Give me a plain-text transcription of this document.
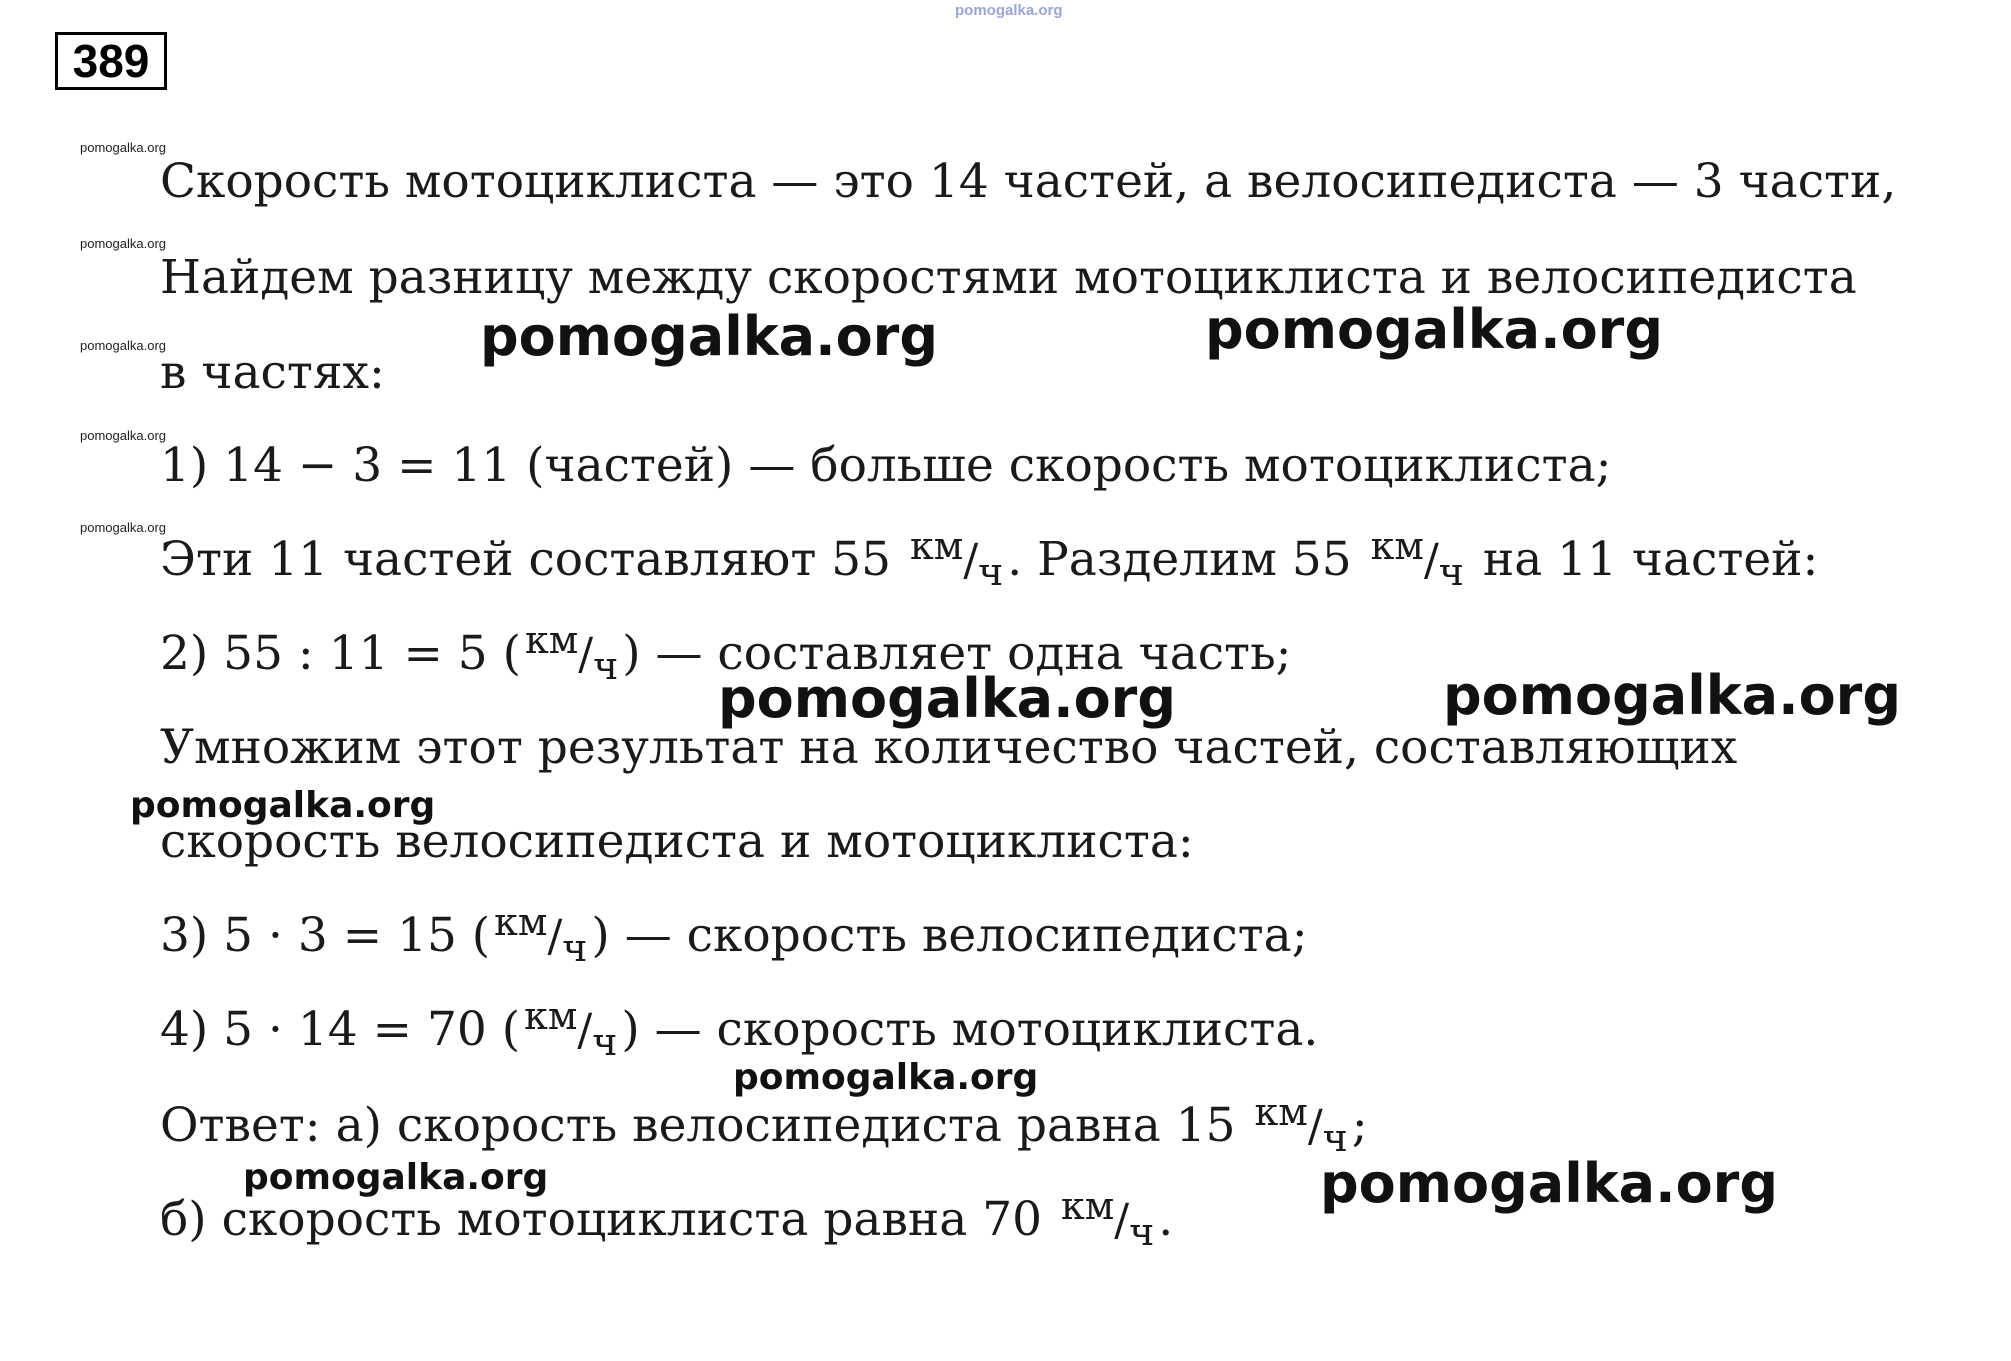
pomogalka.org
389
pomogalka.org
pomogalka.org
pomogalka.org
pomogalka.org
pomogalka.org
Скорость мотоциклиста — это 14 частей, а велосипедиста — 3 части,
Найдем разницу между скоростями мотоциклиста и велосипедиста
в частях:
1) 14 − 3 = 11 (частей) — больше скорость мотоциклиста;
Эти 11 частей составляют 55 км/ч. Разделим 55 км/ч на 11 частей:
2) 55 : 11 = 5 ( км/ч) — составляет одна часть;
Умножим этот результат на количество частей, составляющих
скорость велосипедиста и мотоциклиста:
3) 5 · 3 = 15 ( км/ч) — скорость велосипедиста;
4) 5 · 14 = 70 ( км/ч) — скорость мотоциклиста.
Ответ: а) скорость велосипедиста равна 15 км/ч;
б) скорость мотоциклиста равна 70 км/ч.
pomogalka.org	pomogalka.org
pomogalka.org	pomogalka.org
pomogalka.org
pomogalka.org
pomogalka.org
pomogalka.org
